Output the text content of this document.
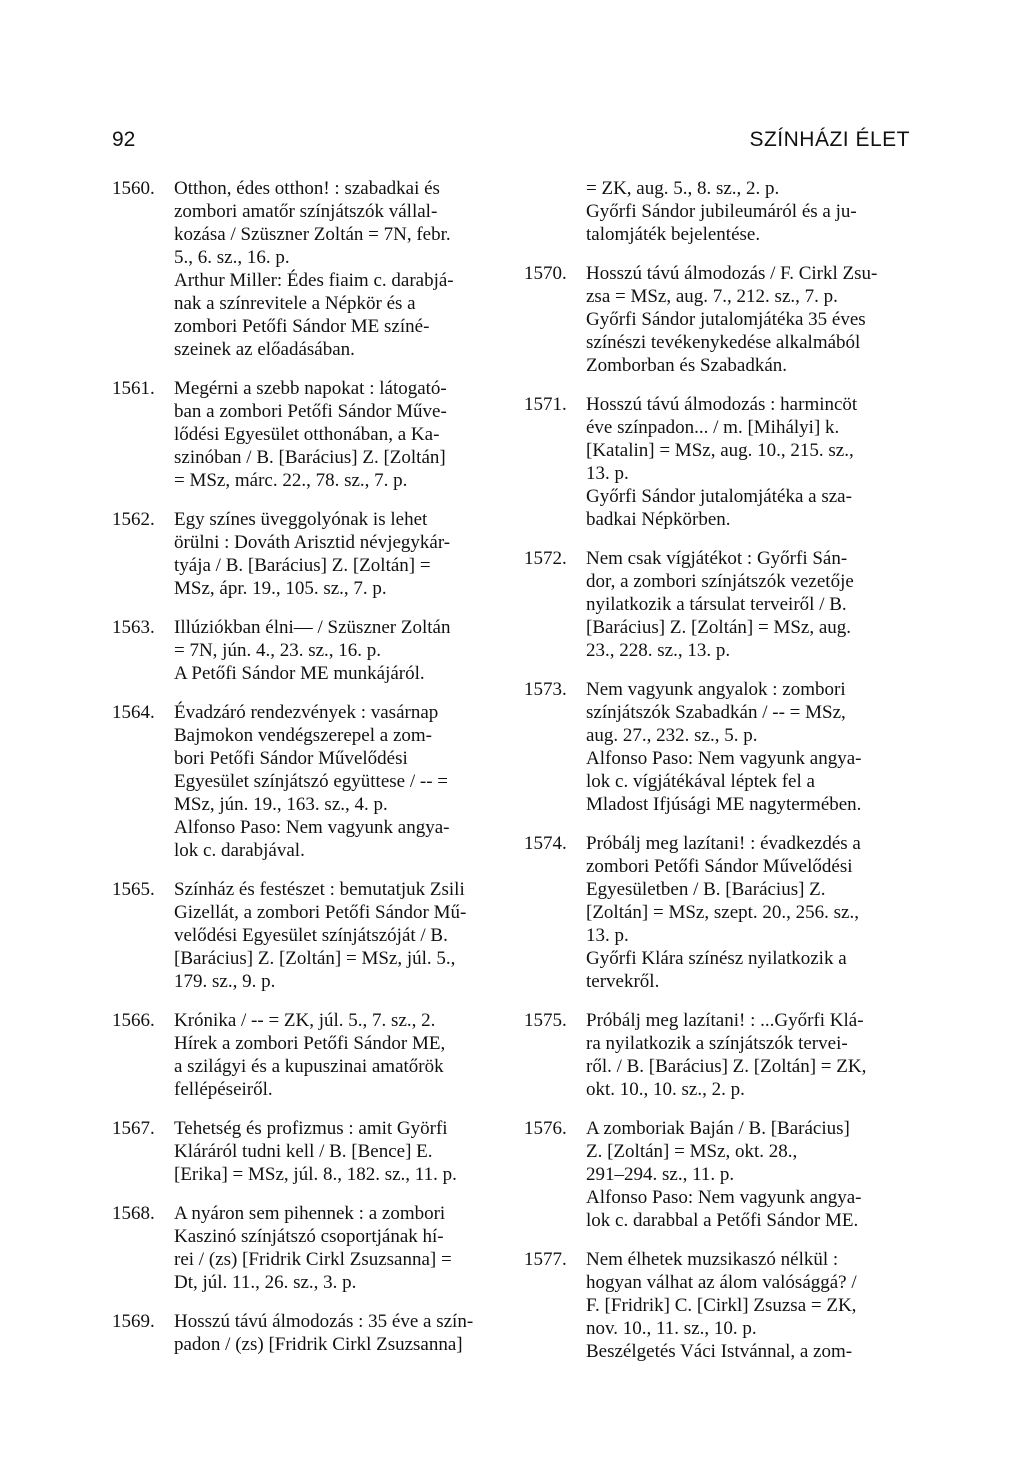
92	SZÍNHÁZI ÉLET
1560.	Otthon, édes otthon! : szabadkai és
zombori amatőr színjátszók vállal-
kozása / Szüszner Zoltán = 7N, febr.
5., 6. sz., 16. p.
Arthur Miller: Édes fiaim c. darabjá-
nak a színrevitele a Népkör és a
zombori Petőfi Sándor ME színé-
szeinek az előadásában.
1561.	Megérni a szebb napokat : látogató-
ban a zombori Petőfi Sándor Műve-
lődési Egyesület otthonában, a Ka-
szinóban / B. [Barácius] Z. [Zoltán]
= MSz, márc. 22., 78. sz., 7. p.
1562.	Egy színes üveggolyónak is lehet
örülni : Dováth Arisztid névjegykár-
tyája / B. [Barácius] Z. [Zoltán] =
MSz, ápr. 19., 105. sz., 7. p.
1563.	Illúziókban élni— / Szüszner Zoltán
= 7N, jún. 4., 23. sz., 16. p.
A Petőfi Sándor ME munkájáról.
1564.	Évadzáró rendezvények : vasárnap
Bajmokon vendégszerepel a zom-
bori Petőfi Sándor Művelődési
Egyesület színjátszó együttese / -- =
MSz, jún. 19., 163. sz., 4. p.
Alfonso Paso: Nem vagyunk angya-
lok c. darabjával.
1565.	Színház és festészet : bemutatjuk Zsili
Gizellát, a zombori Petőfi Sándor Mű-
velődési Egyesület színjátszóját / B.
[Barácius] Z. [Zoltán] = MSz, júl. 5.,
179. sz., 9. p.
1566.	Krónika / -- = ZK, júl. 5., 7. sz., 2.
Hírek a zombori Petőfi Sándor ME,
a szilágyi és a kupuszinai amatőrök
fellépéseiről.
1567.	Tehetség és profizmus : amit Györfi
Kláráról tudni kell / B. [Bence] E.
[Erika] = MSz, júl. 8., 182. sz., 11. p.
1568.	A nyáron sem pihennek : a zombori
Kaszinó színjátszó csoportjának hí-
rei / (zs) [Fridrik Cirkl Zsuzsanna] =
Dt, júl. 11., 26. sz., 3. p.
1569.	Hosszú távú álmodozás : 35 éve a szín-
padon / (zs) [Fridrik Cirkl Zsuzsanna]
= ZK, aug. 5., 8. sz., 2. p.
Győrfi Sándor jubileumáról és a ju-
talomjáték bejelentése.
1570.	Hosszú távú álmodozás / F. Cirkl Zsu-
zsa = MSz, aug. 7., 212. sz., 7. p.
Győrfi Sándor jutalomjátéka 35 éves
színészi tevékenykedése alkalmából
Zomborban és Szabadkán.
1571.	Hosszú távú álmodozás : harmincöt
éve színpadon... / m. [Mihályi] k.
[Katalin] = MSz, aug. 10., 215. sz.,
13. p.
Győrfi Sándor jutalomjátéka a sza-
badkai Népkörben.
1572.	Nem csak vígjátékot : Győrfi Sán-
dor, a zombori színjátszók vezetője
nyilatkozik a társulat terveiről / B.
[Barácius] Z. [Zoltán] = MSz, aug.
23., 228. sz., 13. p.
1573.	Nem vagyunk angyalok : zombori
színjátszók Szabadkán / -- = MSz,
aug. 27., 232. sz., 5. p.
Alfonso Paso: Nem vagyunk angya-
lok c. vígjátékával léptek fel a
Mladost Ifjúsági ME nagytermében.
1574.	Próbálj meg lazítani! : évadkezdés a
zombori Petőfi Sándor Művelődési
Egyesületben / B. [Barácius] Z.
[Zoltán] = MSz, szept. 20., 256. sz.,
13. p.
Győrfi Klára színész nyilatkozik a
tervekről.
1575.	Próbálj meg lazítani! : ...Győrfi Klá-
ra nyilatkozik a színjátszók tervei-
ről. / B. [Barácius] Z. [Zoltán] = ZK,
okt. 10., 10. sz., 2. p.
1576.	A zomboriak Baján / B. [Barácius]
Z. [Zoltán] = MSz, okt. 28.,
291–294. sz., 11. p.
Alfonso Paso: Nem vagyunk angya-
lok c. darabbal a Petőfi Sándor ME.
1577.	Nem élhetek muzsikaszó nélkül :
hogyan válhat az álom valósággá? /
F. [Fridrik] C. [Cirkl] Zsuzsa = ZK,
nov. 10., 11. sz., 10. p.
Beszélgetés Váci Istvánnal, a zom-
